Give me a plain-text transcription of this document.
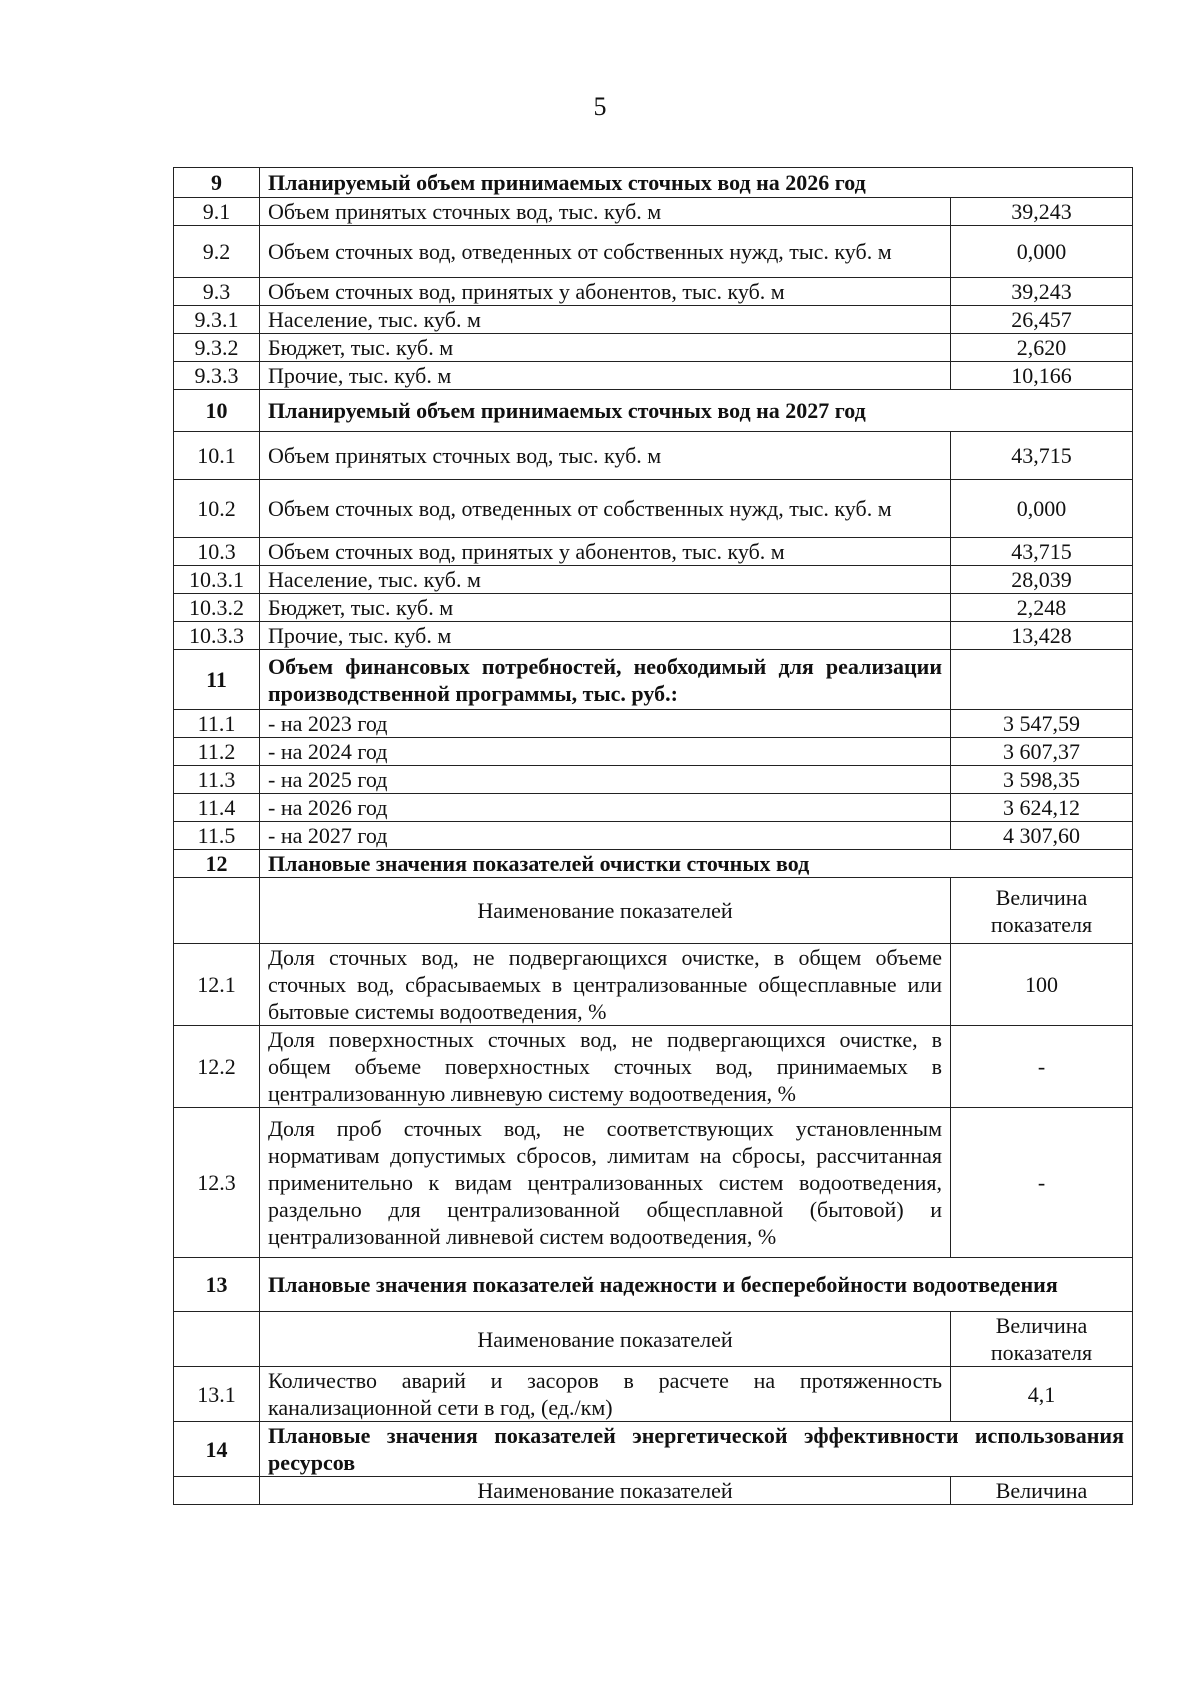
5
9	Планируемый объем принимаемых сточных вод на 2026 год	
9.1	Объем принятых сточных вод, тыс. куб. м	39,243
9.2	Объем сточных вод, отведенных от собственных нужд, тыс. куб. м	0,000
9.3	Объем сточных вод, принятых у абонентов, тыс. куб. м	39,243
9.3.1	Население, тыс. куб. м	26,457
9.3.2	Бюджет, тыс. куб. м	2,620
9.3.3	Прочие, тыс. куб. м	10,166
10	Планируемый объем принимаемых сточных вод на 2027 год	
10.1	Объем принятых сточных вод, тыс. куб. м	43,715
10.2	Объем сточных вод, отведенных от собственных нужд, тыс. куб. м	0,000
10.3	Объем сточных вод, принятых у абонентов, тыс. куб. м	43,715
10.3.1	Население, тыс. куб. м	28,039
10.3.2	Бюджет, тыс. куб. м	2,248
10.3.3	Прочие, тыс. куб. м	13,428
11	Объем финансовых потребностей, необходимый для реализации производственной программы, тыс. руб.:	
11.1	- на 2023 год	3 547,59
11.2	- на 2024 год	3 607,37
11.3	- на 2025 год	3 598,35
11.4	- на 2026 год	3 624,12
11.5	- на 2027 год	4 307,60
12	Плановые значения показателей очистки сточных вод	
	Наименование показателей	Величина показателя
12.1	Доля сточных вод, не подвергающихся очистке, в общем объеме сточных вод, сбрасываемых в централизованные общесплавные или бытовые системы водоотведения, %	100
12.2	Доля поверхностных сточных вод, не подвергающихся очистке, в общем объеме поверхностных сточных вод, принимаемых в централизованную ливневую систему водоотведения, %	-
12.3	Доля проб сточных вод, не соответствующих установленным нормативам допустимых сбросов, лимитам на сбросы, рассчитанная применительно к видам централизованных систем водоотведения, раздельно для централизованной общесплавной (бытовой) и централизованной ливневой систем водоотведения, %	-
13	Плановые значения показателей надежности и бесперебойности водоотведения	
	Наименование показателей	Величина показателя
13.1	Количество аварий и засоров в расчете на протяженность канализационной сети в год, (ед./км)	4,1
14	Плановые значения показателей энергетической эффективности использования ресурсов	
	Наименование показателей	Величина
